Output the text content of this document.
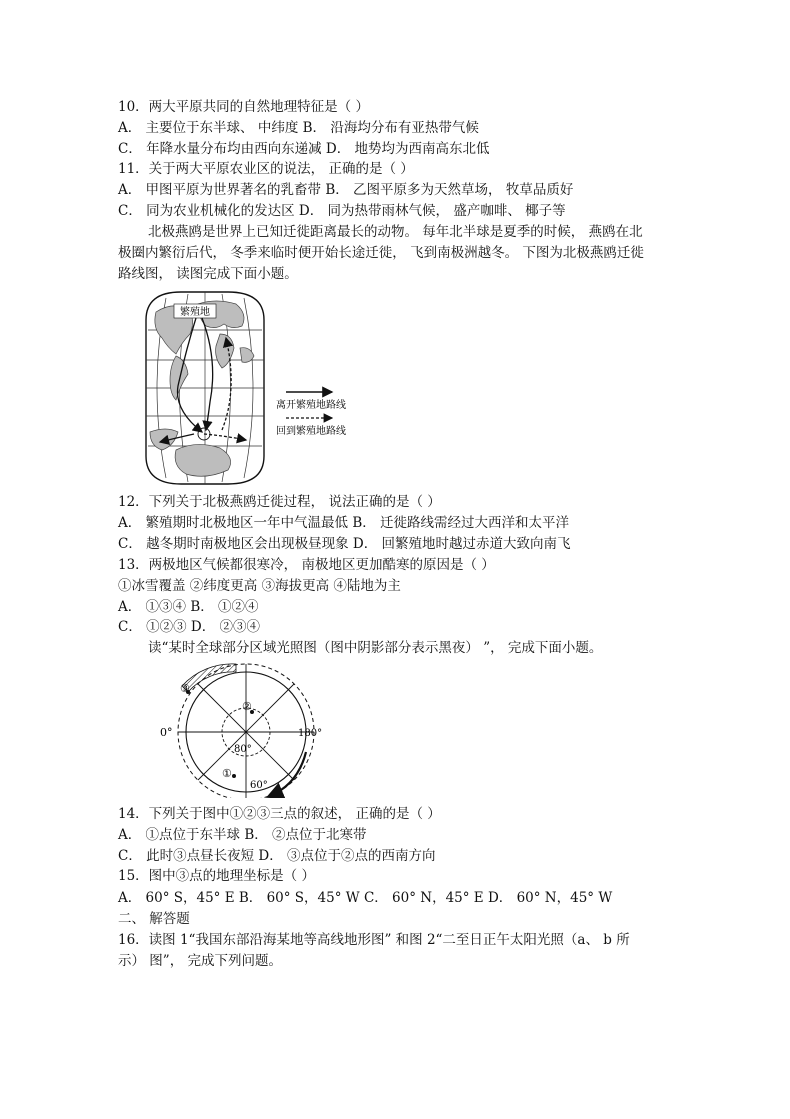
10．两大平原共同的自然地理特征是（ ）
A． 主要位于东半球、 中纬度 B． 沿海均分布有亚热带气候
C． 年降水量分布均由西向东递减 D． 地势均为西南高东北低
11．关于两大平原农业区的说法， 正确的是（ ）
A． 甲图平原为世界著名的乳畜带 B． 乙图平原多为天然草场， 牧草品质好
C． 同为农业机械化的发达区 D． 同为热带雨林气候， 盛产咖啡、 椰子等
北极燕鸥是世界上已知迁徙距离最长的动物。 每年北半球是夏季的时候， 燕鸥在北
极圈内繁衍后代， 冬季来临时便开始长途迁徙， 飞到南极洲越冬。 下图为北极燕鸥迁徙
路线图， 读图完成下面小题。
繁殖地
离开繁殖地路线
回到繁殖地路线
12．下列关于北极燕鸥迁徙过程， 说法正确的是（ ）
A． 繁殖期时北极地区一年中气温最低 B． 迁徙路线需经过大西洋和太平洋
C． 越冬期时南极地区会出现极昼现象 D． 回繁殖地时越过赤道大致向南飞
13．两极地区气候都很寒冷， 南极地区更加酷寒的原因是（ ）
①冰雪覆盖 ②纬度更高 ③海拔更高 ④陆地为主
A． ①③④ B． ①②④
C． ①②③ D． ②③④
读“某时全球部分区域光照图（图中阴影部分表示黑夜） ”， 完成下面小题。
③
②
①
0°	180°
80°
60°
14．下列关于图中①②③三点的叙述， 正确的是（ ）
A． ①点位于东半球 B． ②点位于北寒带
C． 此时③点昼长夜短 D． ③点位于②点的西南方向
15．图中③点的地理坐标是（ ）
A． 60° S，45° E B． 60° S，45° W C． 60° N，45° E D． 60° N，45° W
二、 解答题
16．读图 1“我国东部沿海某地等高线地形图” 和图 2“二至日正午太阳光照（a、 b 所
示） 图”， 完成下列问题。
